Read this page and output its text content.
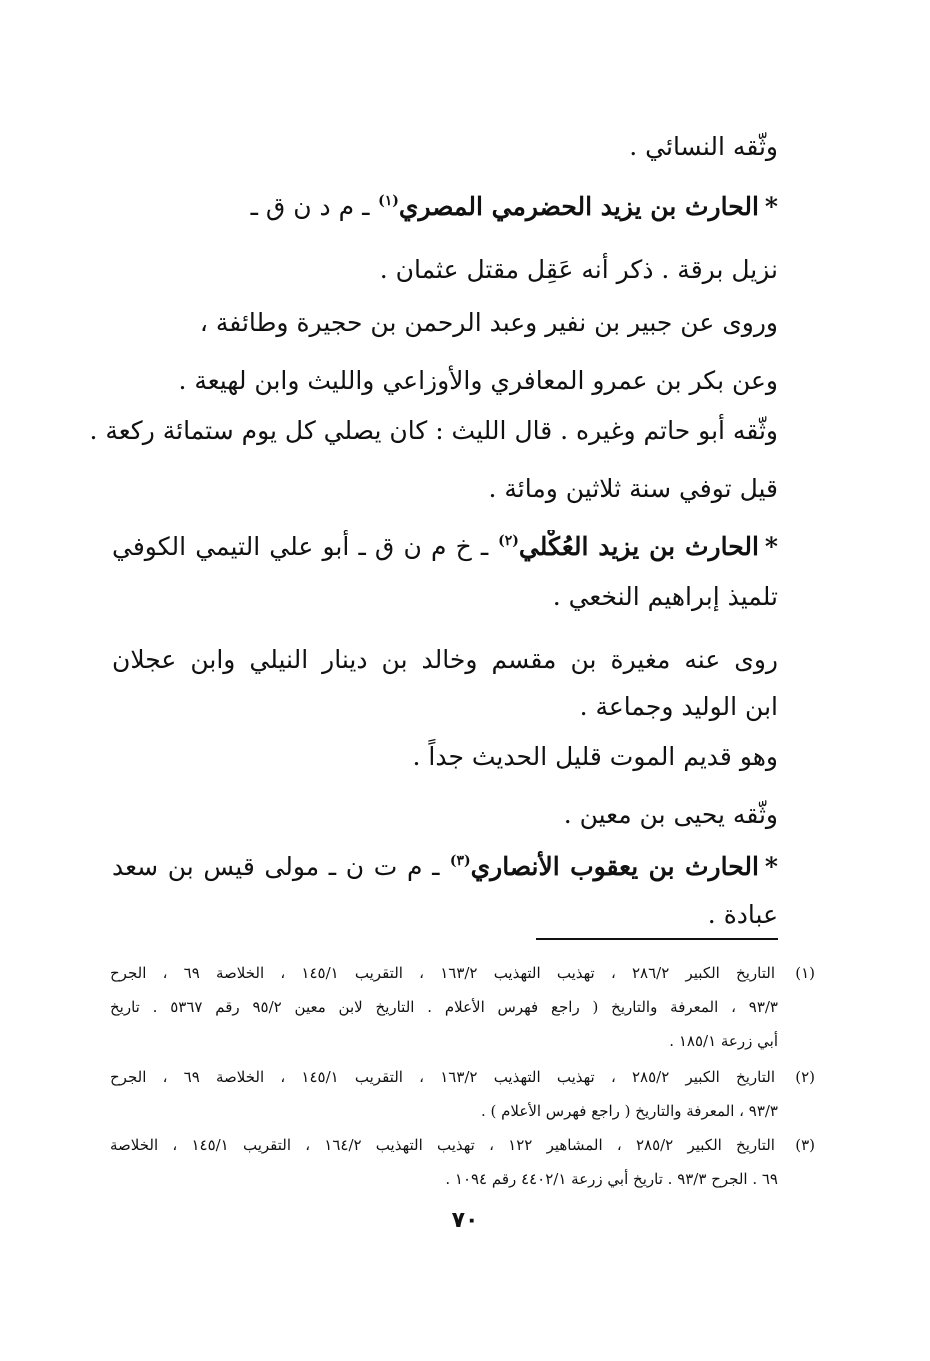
وثّقه النسائي .
*الحارث بن يزيد الحضرمي المصري$^{(١)}$ ـ م د ن ق ـ
نزيل برقة . ذكر أنه عَقِل مقتل عثمان .
وروى عن جبير بن نفير وعبد الرحمن بن حجيرة وطائفة ،
وعن بكر بن عمرو المعافري والأوزاعي والليث وابن لهيعة .
وثّقه أبو حاتم وغيره . قال الليث : كان يصلي كل يوم ستمائة ركعة .
قيل توفي سنة ثلاثين ومائة .
*الحارث بن يزيد العُكْلي$^{(٢)}$ ـ خ م ن ق ـ أبو علي التيمي الكوفي
تلميذ إبراهيم النخعي .
روى عنه مغيرة بن مقسم وخالد بن دينار النيلي وابن عجلان
ابن الوليد وجماعة .
وهو قديم الموت قليل الحديث جداً .
وثّقه يحيى بن معين .
*الحارث بن يعقوب الأنصاري$^{(٣)}$ ـ م ت ن ـ مولى قيس بن سعد
عبادة .
(١)
التاريخ الكبير ٢٨٦/٢ ، تهذيب التهذيب ١٦٣/٢ ، التقريب ١٤٥/١ ، الخلاصة ٦٩ ، الجرح
٩٣/٣ ، المعرفة والتاريخ ( راجع فهرس الأعلام . التاريخ لابن معين ٩٥/٢ رقم ٥٣٦٧ . تاريخ
أبي زرعة ١٨٥/١ .
(٢)
التاريخ الكبير ٢٨٥/٢ ، تهذيب التهذيب ١٦٣/٢ ، التقريب ١٤٥/١ ، الخلاصة ٦٩ ، الجرح
٩٣/٣ ، المعرفة والتاريخ ( راجع فهرس الأعلام ) .
(٣)
التاريخ الكبير ٢٨٥/٢ ، المشاهير ١٢٢ ، تهذيب التهذيب ١٦٤/٢ ، التقريب ١٤٥/١ ، الخلاصة
٦٩ . الجرح ٩٣/٣ . تاريخ أبي زرعة ٤٤٠٢/١ رقم ١٠٩٤ .
٧٠
